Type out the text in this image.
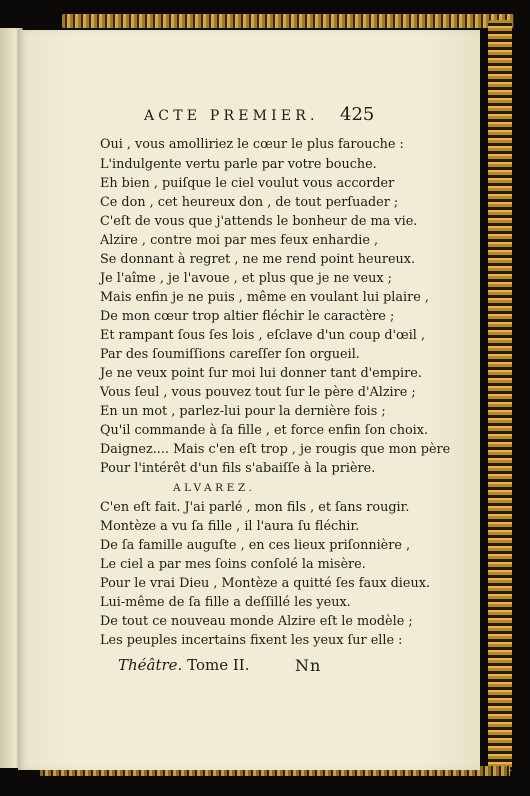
ACTE PREMIER. 425
Oui , vous amolliriez le cœur le plus farouche :
L'indulgente vertu parle par votre bouche.
Eh bien , puiſque le ciel voulut vous accorder
Ce don , cet heureux don , de tout perſuader ;
C'eſt de vous que j'attends le bonheur de ma vie.
Alzire , contre moi par mes feux enhardie ,
Se donnant à regret , ne me rend point heureux.
Je l'aîme , je l'avoue , et plus que je ne veux ;
Mais enfin je ne puis , même en voulant lui plaire ,
De mon cœur trop altier fléchir le caractère ;
Et rampant ſous ſes lois , eſclave d'un coup d'œil ,
Par des ſoumiſſions careſſer ſon orgueil.
Je ne veux point ſur moi lui donner tant d'empire.
Vous ſeul , vous pouvez tout ſur le père d'Alzire ;
En un mot , parlez-lui pour la dernière fois ;
Qu'il commande à ſa fille , et force enfin ſon choix.
Daignez.... Mais c'en eſt trop , je rougis que mon père
Pour l'intérêt d'un fils s'abaiſſe à la prière.
ALVAREZ.
C'en eſt fait. J'ai parlé , mon fils , et ſans rougir.
Montèze a vu ſa fille , il l'aura ſu fléchir.
De ſa famille auguſte , en ces lieux priſonnière ,
Le ciel a par mes ſoins conſolé la misère.
Pour le vrai Dieu , Montèze a quitté ſes faux dieux.
Lui-même de ſa fille a deſſillé les yeux.
De tout ce nouveau monde Alzire eſt le modèle ;
Les peuples incertains fixent les yeux ſur elle :
Théâtre. Tome II.	Nn
